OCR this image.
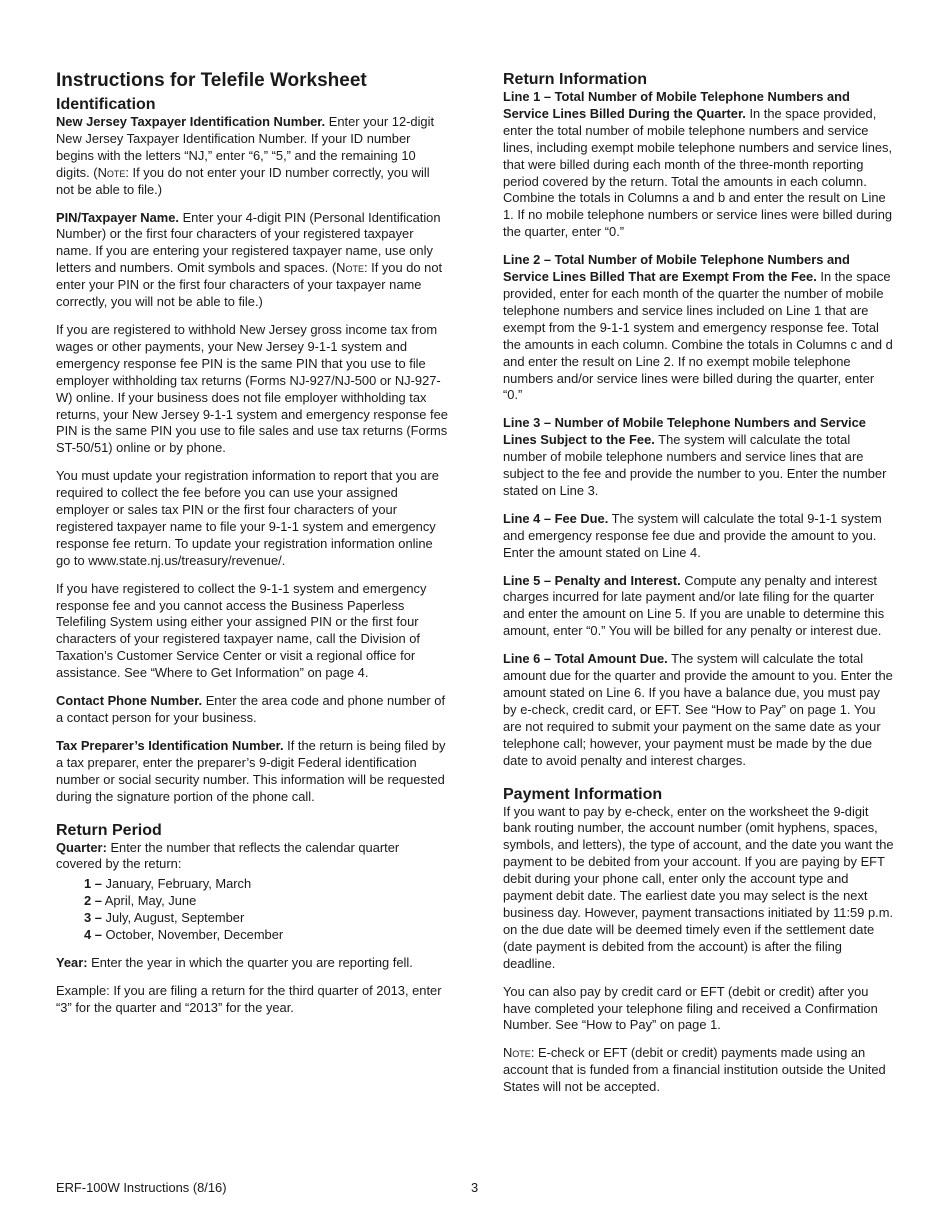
Instructions for Telefile Worksheet
Identification

New Jersey Taxpayer Identification Number. Enter your 12-digit New Jersey Taxpayer Identification Number. If your ID number begins with the letters “NJ,” enter “6,” “5,” and the remaining 10 digits. (Note: If you do not enter your ID number correctly, you will not be able to file.)

PIN/Taxpayer Name. Enter your 4-digit PIN (Personal Identification Number) or the first four characters of your registered taxpayer name. If you are entering your registered taxpayer name, use only letters and numbers. Omit symbols and spaces. (Note: If you do not enter your PIN or the first four characters of your taxpayer name correctly, you will not be able to file.)

If you are registered to withhold New Jersey gross income tax from wages or other payments, your New Jersey 9-1-1 system and emergency response fee PIN is the same PIN that you use to file employer withholding tax returns (Forms NJ-927/NJ-500 or NJ-927-W) online. If your business does not file employer withholding tax returns, your New Jersey 9-1-1 system and emergency response fee PIN is the same PIN you use to file sales and use tax returns (Forms ST-50/51) online or by phone.

You must update your registration information to report that you are required to collect the fee before you can use your assigned employer or sales tax PIN or the first four characters of your registered taxpayer name to file your 9-1-1 system and emergency response fee return. To update your registration information online go to www.state.nj.us/treasury/revenue/.

If you have registered to collect the 9-1-1 system and emergency response fee and you cannot access the Business Paperless Telefiling System using either your assigned PIN or the first four characters of your registered taxpayer name, call the Division of Taxation’s Customer Service Center or visit a regional office for assistance. See “Where to Get Information” on page 4.

Contact Phone Number. Enter the area code and phone number of a contact person for your business.

Tax Preparer’s Identification Number. If the return is being filed by a tax preparer, enter the preparer’s 9-digit Federal identification number or social security number. This information will be requested during the signature portion of the phone call.

Return Period

Quarter: Enter the number that reflects the calendar quarter covered by the return:

1 – January, February, March
2 – April, May, June
3 – July, August, September
4 – October, November, December

Year: Enter the year in which the quarter you are reporting fell.

Example: If you are filing a return for the third quarter of 2013, enter “3” for the quarter and “2013” for the year.

Return Information

Line 1 – Total Number of Mobile Telephone Numbers and Service Lines Billed During the Quarter. In the space provided, enter the total number of mobile telephone numbers and service lines, including exempt mobile telephone numbers and service lines, that were billed during each month of the three-month reporting period covered by the return. Total the amounts in each column. Combine the totals in Columns a and b and enter the result on Line 1. If no mobile telephone numbers or service lines were billed during the quarter, enter “0.”

Line 2 – Total Number of Mobile Telephone Numbers and Service Lines Billed That are Exempt From the Fee. In the space provided, enter for each month of the quarter the number of mobile telephone numbers and service lines included on Line 1 that are exempt from the 9-1-1 system and emergency response fee. Total the amounts in each column. Combine the totals in Columns c and d and enter the result on Line 2. If no exempt mobile telephone numbers and/or service lines were billed during the quarter, enter “0.”

Line 3 – Number of Mobile Telephone Numbers and Service Lines Subject to the Fee. The system will calculate the total number of mobile telephone numbers and service lines that are subject to the fee and provide the number to you. Enter the number stated on Line 3.

Line 4 – Fee Due. The system will calculate the total 9-1-1 system and emergency response fee due and provide the amount to you. Enter the amount stated on Line 4.

Line 5 – Penalty and Interest. Compute any penalty and interest charges incurred for late payment and/or late filing for the quarter and enter the amount on Line 5. If you are unable to determine this amount, enter “0.” You will be billed for any penalty or interest due.

Line 6 – Total Amount Due. The system will calculate the total amount due for the quarter and provide the amount to you. Enter the amount stated on Line 6. If you have a balance due, you must pay by e-check, credit card, or EFT. See “How to Pay” on page 1. You are not required to submit your payment on the same date as your telephone call; however, your payment must be made by the due date to avoid penalty and interest charges.

Payment Information

If you want to pay by e-check, enter on the worksheet the 9-digit bank routing number, the account number (omit hyphens, spaces, symbols, and letters), the type of account, and the date you want the payment to be debited from your account. If you are paying by EFT debit during your phone call, enter only the account type and payment debit date. The earliest date you may select is the next business day. However, payment transactions initiated by 11:59 p.m. on the due date will be deemed timely even if the settlement date (date payment is debited from the account) is after the filing deadline.

You can also pay by credit card or EFT (debit or credit) after you have completed your telephone filing and received a Confirmation Number. See “How to Pay” on page 1.

Note: E-check or EFT (debit or credit) payments made using an account that is funded from a financial institution outside the United States will not be accepted.

ERF-100W Instructions (8/16)	3
